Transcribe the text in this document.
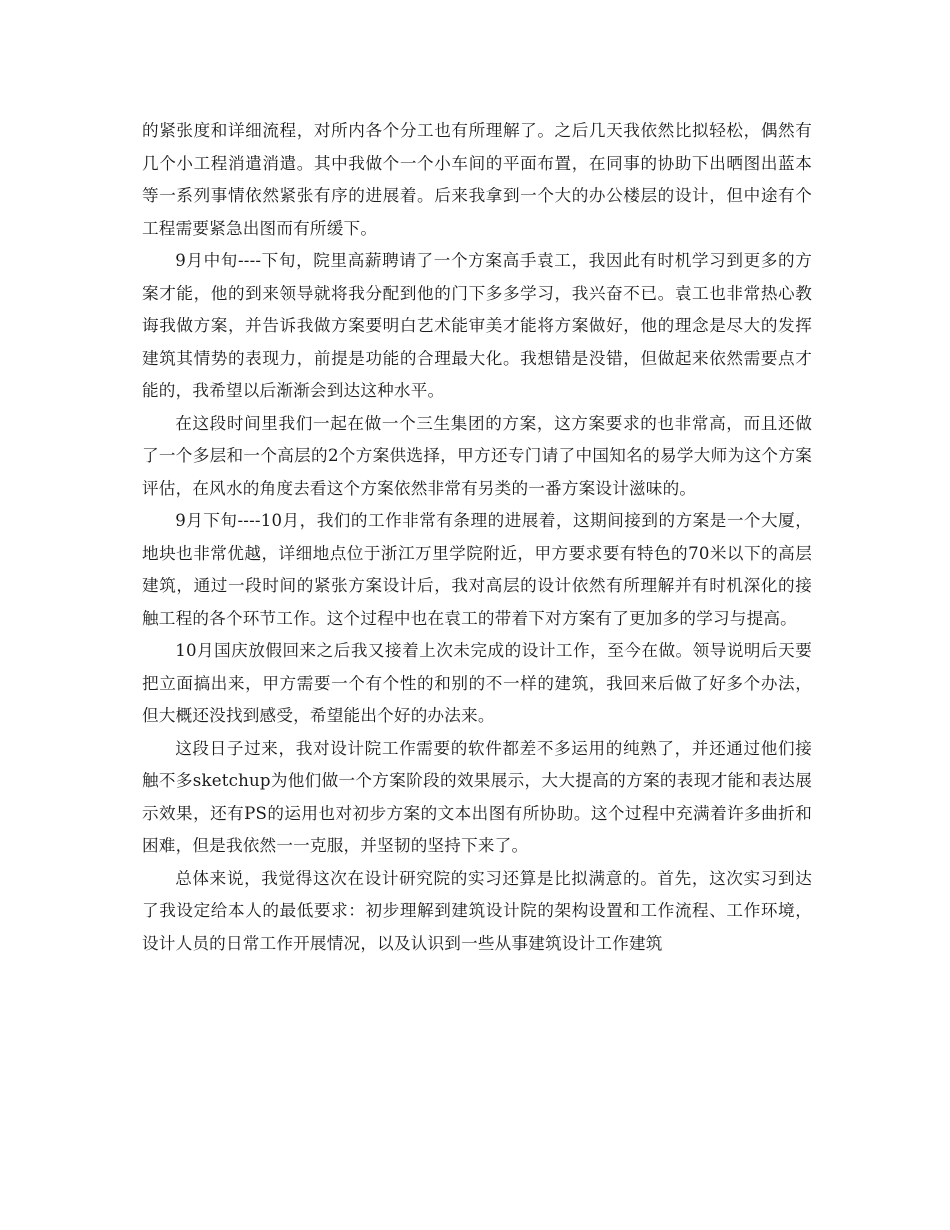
的紧张度和详细流程，对所内各个分工也有所理解了。之后几天我依然比拟轻松，偶然有几个小工程消遣消遣。其中我做个一个小车间的平面布置，在同事的协助下出晒图出蓝本等一系列事情依然紧张有序的进展着。后来我拿到一个大的办公楼层的设计，但中途有个工程需要紧急出图而有所缓下。

9月中旬----下旬，院里高薪聘请了一个方案高手袁工，我因此有时机学习到更多的方案才能，他的到来领导就将我分配到他的门下多多学习，我兴奋不已。袁工也非常热心教诲我做方案，并告诉我做方案要明白艺术能审美才能将方案做好，他的理念是尽大的发挥建筑其情势的表现力，前提是功能的合理最大化。我想错是没错，但做起来依然需要点才能的，我希望以后渐渐会到达这种水平。

在这段时间里我们一起在做一个三生集团的方案，这方案要求的也非常高，而且还做了一个多层和一个高层的2个方案供选择，甲方还专门请了中国知名的易学大师为这个方案评估，在风水的角度去看这个方案依然非常有另类的一番方案设计滋味的。

9月下旬----10月，我们的工作非常有条理的进展着，这期间接到的方案是一个大厦，地块也非常优越，详细地点位于浙江万里学院附近，甲方要求要有特色的70米以下的高层建筑，通过一段时间的紧张方案设计后，我对高层的设计依然有所理解并有时机深化的接触工程的各个环节工作。这个过程中也在袁工的带着下对方案有了更加多的学习与提高。

10月国庆放假回来之后我又接着上次未完成的设计工作，至今在做。领导说明后天要把立面搞出来，甲方需要一个有个性的和别的不一样的建筑，我回来后做了好多个办法，但大概还没找到感受，希望能出个好的办法来。

这段日子过来，我对设计院工作需要的软件都差不多运用的纯熟了，并还通过他们接触不多sketchup为他们做一个方案阶段的效果展示，大大提高的方案的表现才能和表达展示效果，还有PS的运用也对初步方案的文本出图有所协助。这个过程中充满着许多曲折和困难，但是我依然一一克服，并坚韧的坚持下来了。

总体来说，我觉得这次在设计研究院的实习还算是比拟满意的。首先，这次实习到达了我设定给本人的最低要求：初步理解到建筑设计院的架构设置和工作流程、工作环境，设计人员的日常工作开展情况，以及认识到一些从事建筑设计工作建筑
